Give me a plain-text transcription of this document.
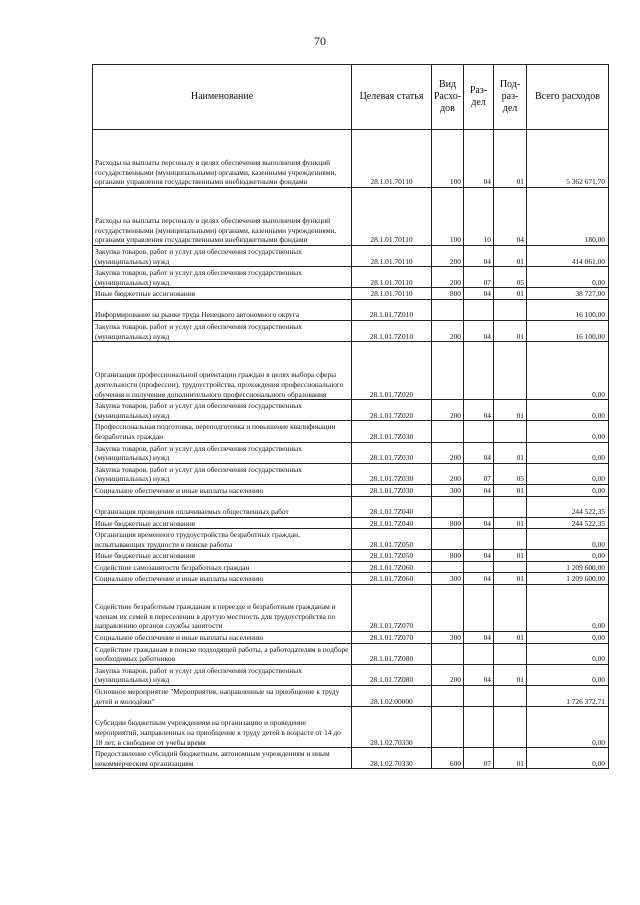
70
Наименование	Целевая статья	Вид Расхо- дов	Раз- дел	Под- раз- дел	Всего расходов
Расходы на выплаты персоналу в целях обеспечения выполнения функций государственными (муниципальными) органами, казенными учреждениями, органами управления государственными внебюджетными фондами	28.1.01.70110	100	04	01	5 362 671,70
Расходы на выплаты персоналу в целях обеспечения выполнения функций государственными (муниципальными) органами, казенными учреждениями, органами управления государственными внебюджетными фондами	28.1.01.70110	100	10	04	180,00
Закупка товаров, работ и услуг для обеспечения государственных (муниципальных) нужд	28.1.01.70110	200	04	01	414 061,00
Закупка товаров, работ и услуг для обеспечения государственных (муниципальных) нужд	28.1.01.70110	200	07	05	0,00
Иные бюджетные ассигнования	28.1.01.70110	800	04	01	38 727,00
Информирование на рынке труда Ненецкого автономного округа	28.1.01.7Z010				16 100,00
Закупка товаров, работ и услуг для обеспечения государственных (муниципальных) нужд	28.1.01.7Z010	200	04	01	16 100,00
Организация профессиональной ориентации граждан в целях выбора сферы деятельности (профессии), трудоустройства, прохождения профессионального обучения и получения дополнительного профессионального образования	28.1.01.7Z020				0,00
Закупка товаров, работ и услуг для обеспечения государственных (муниципальных) нужд	28.1.01.7Z020	200	04	01	0,00
Профессиональная подготовка, переподготовка и повышение квалификации безработных граждан	28.1.01.7Z030				0,00
Закупка товаров, работ и услуг для обеспечения государственных (муниципальных) нужд	28.1.01.7Z030	200	04	01	0,00
Закупка товаров, работ и услуг для обеспечения государственных (муниципальных) нужд	28.1.01.7Z030	200	07	05	0,00
Социальное обеспечение и иные выплаты населению	28.1.01.7Z030	300	04	01	0,00
Организация проведения оплачиваемых общественных работ	28.1.01.7Z040				244 522,35
Иные бюджетные ассигнования	28.1.01.7Z040	800	04	01	244 522,35
Организация временного трудоустройства безработных граждан, испытывающих трудности в поиске работы	28.1.01.7Z050				0,00
Иные бюджетные ассигнования	28.1.01.7Z050	800	04	01	0,00
Содействие самозанятости безработных граждан	28.1.01.7Z060				1 209 600,00
Социальное обеспечение и иные выплаты населению	28.1.01.7Z060	300	04	01	1 209 600,00
Содействие безработным гражданам в переезде и безработным гражданам и членам их семей в переселении в другую местность для трудоустройства по направлению органов службы занятости	28.1.01.7Z070				0,00
Социальное обеспечение и иные выплаты населению	28.1.01.7Z070	300	04	01	0,00
Содействие гражданам в поиске подходящей работы, а работодателям в подборе необходимых работников	28.1.01.7Z080				0,00
Закупка товаров, работ и услуг для обеспечения государственных (муниципальных) нужд	28.1.01.7Z080	200	04	01	0,00
Основное мероприятие "Мероприятия, направленные на приобщение к труду детей и молодёжи"	28.1.02.00000				1 726 372,71
Субсидии бюджетным учреждениям на организацию и проведение мероприятий, направленных на приобщение к труду детей в возрасте от 14 до 18 лет, в свободное от учебы время	28.1.02.70330				0,00
Предоставление субсидий бюджетным, автономным учреждениям и иным некоммерческим организациям	28.1.02.70330	600	07	01	0,00
